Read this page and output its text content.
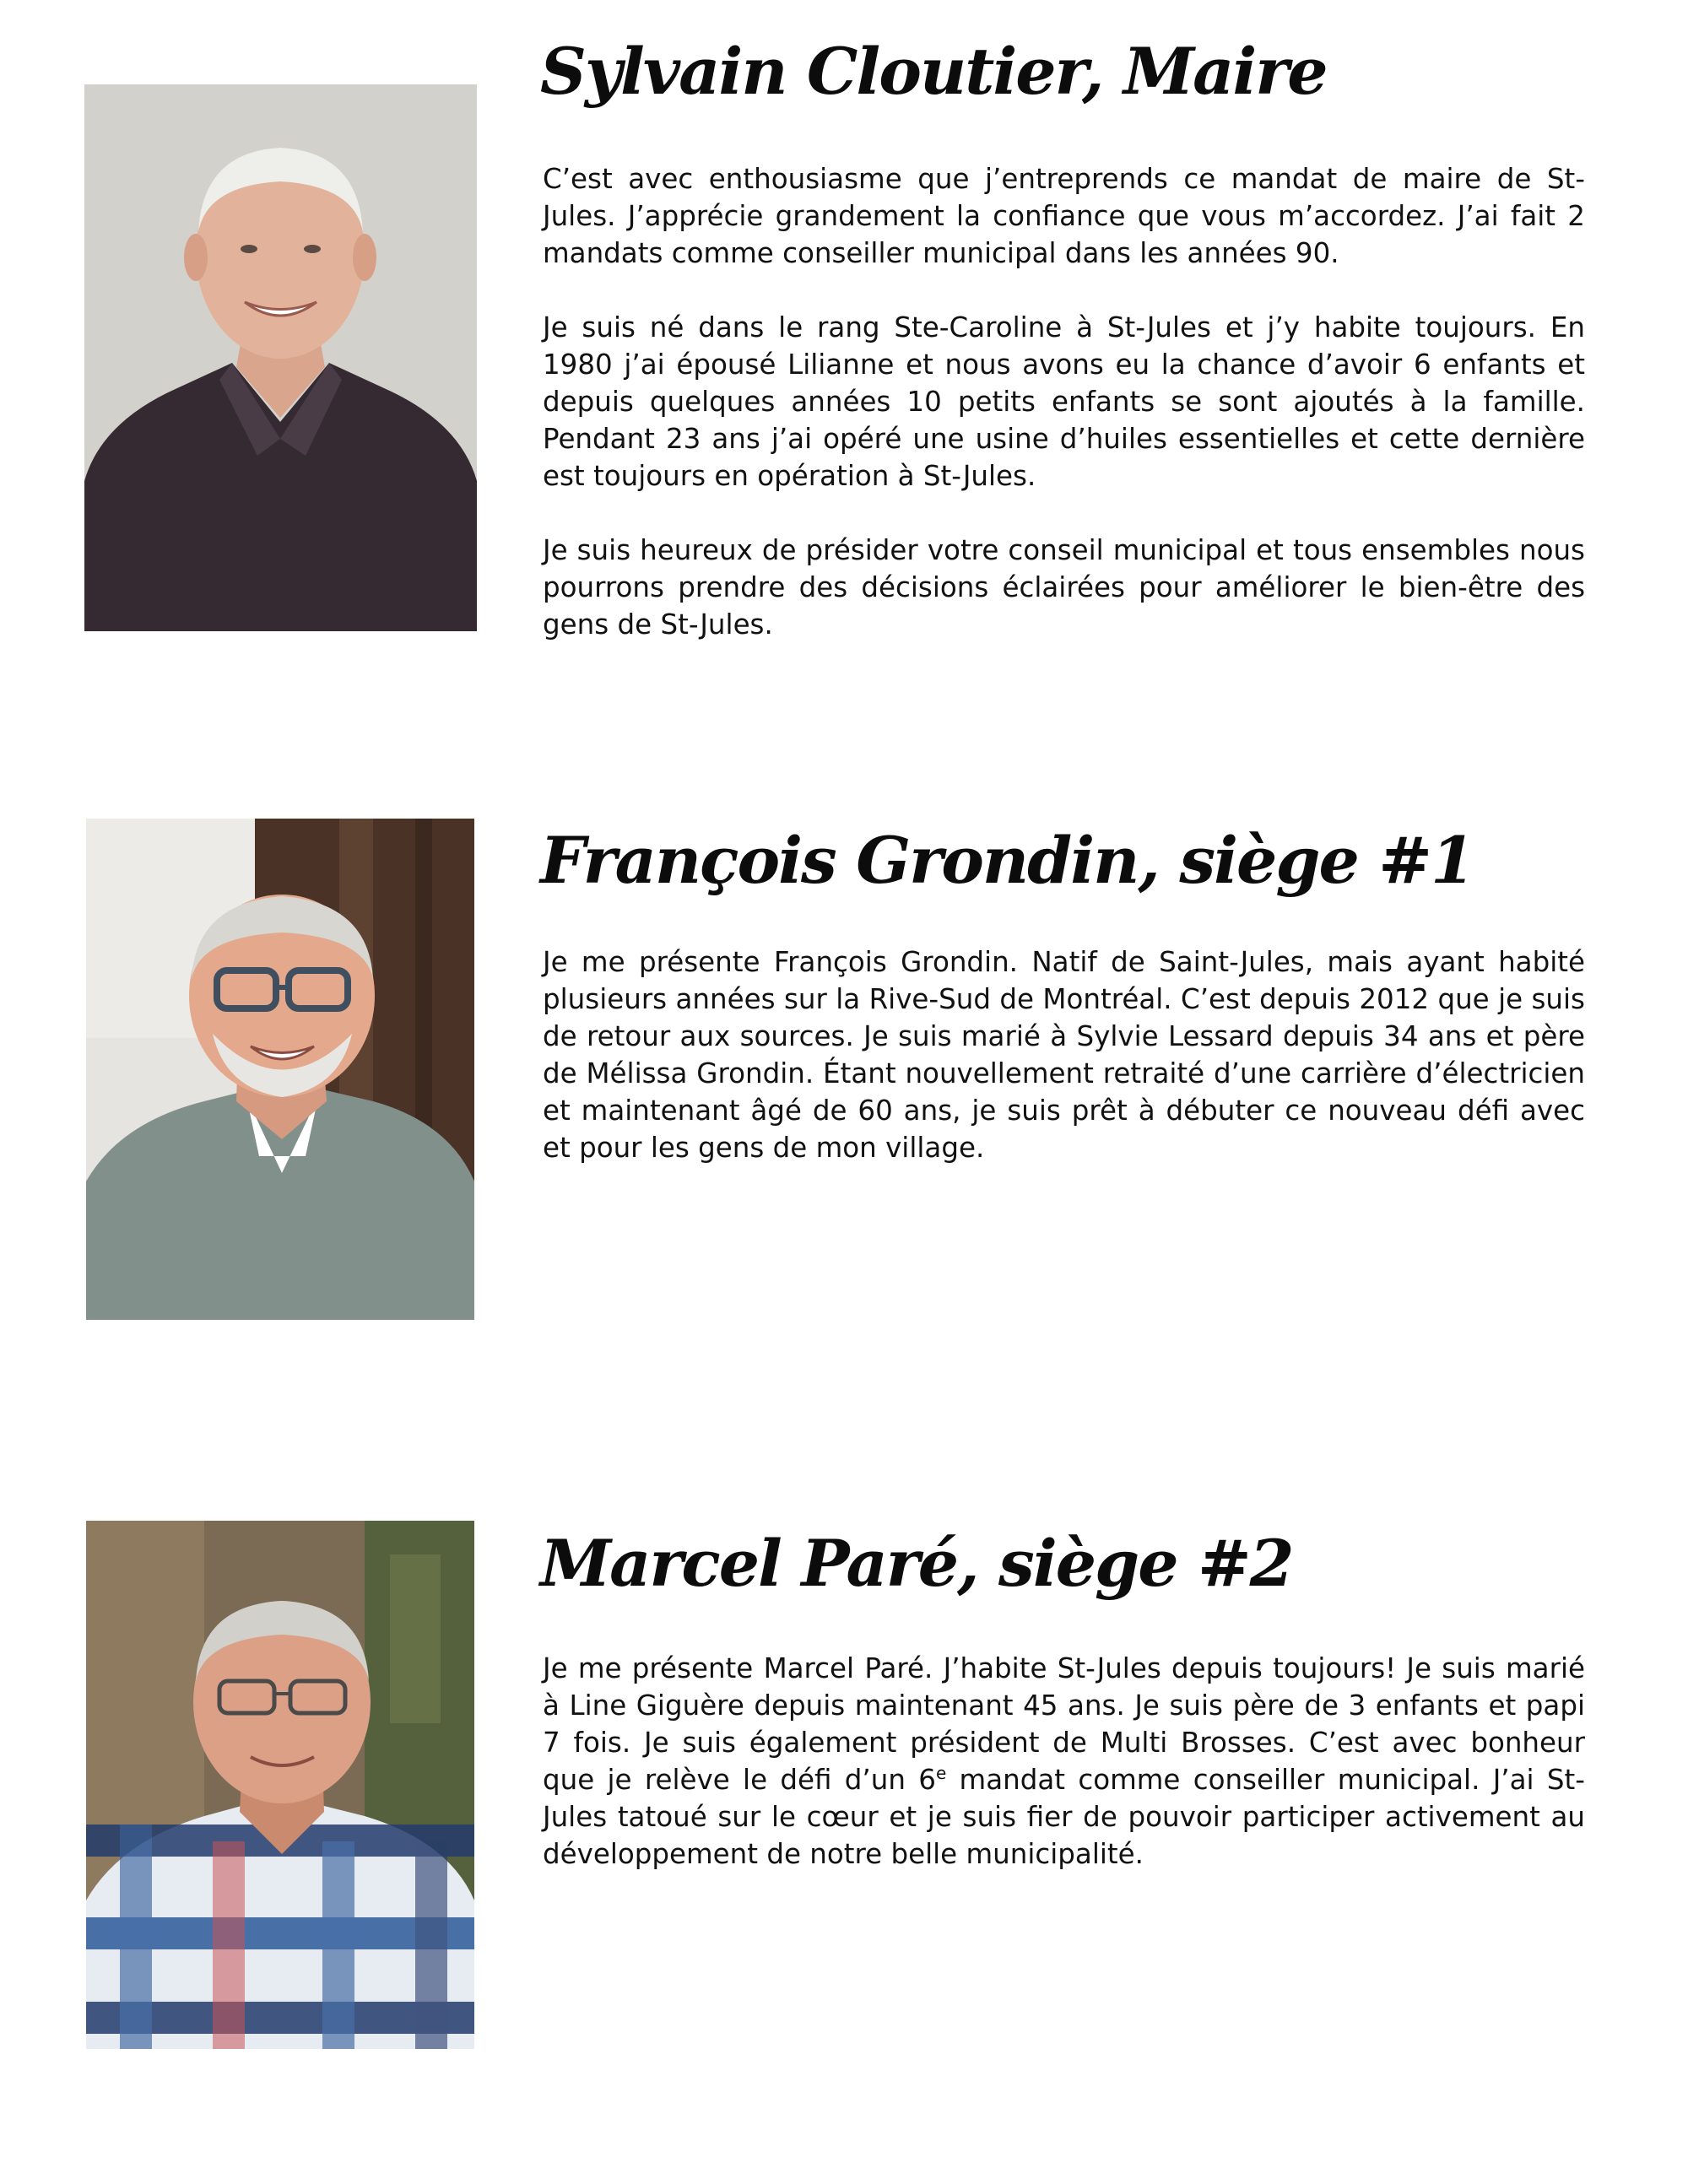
Sylvain Cloutier, Maire

C’est avec enthousiasme que j’entreprends ce mandat de maire de St-Jules. J’apprécie grandement la confiance que vous m’accordez. J’ai fait 2 mandats comme conseiller municipal dans les années 90.

Je suis né dans le rang Ste-Caroline à St-Jules et j’y habite toujours. En 1980 j’ai épousé Lilianne et nous avons eu la chance d’avoir 6 enfants et depuis quelques années 10 petits enfants se sont ajoutés à la famille. Pendant 23 ans j’ai opéré une usine d’huiles essentielles et cette dernière est toujours en opération à St-Jules.

Je suis heureux de présider votre conseil municipal et tous ensembles nous pourrons prendre des décisions éclairées pour améliorer le bien-être des gens de St-Jules.

François Grondin, siège #1

Je me présente François Grondin. Natif de Saint-Jules, mais ayant habité plusieurs années sur la Rive-Sud de Montréal. C’est depuis 2012 que je suis de retour aux sources. Je suis marié à Sylvie Lessard depuis 34 ans et père de Mélissa Grondin. Étant nouvellement retraité d’une carrière d’électricien et maintenant âgé de 60 ans, je suis prêt à débuter ce nouveau défi avec et pour les gens de mon village.

Marcel Paré, siège #2

Je me présente Marcel Paré. J’habite St-Jules depuis toujours! Je suis marié à Line Giguère depuis maintenant 45 ans. Je suis père de 3 enfants et papi 7 fois. Je suis également président de Multi Brosses. C’est avec bonheur que je relève le défi d’un 6e mandat comme conseiller municipal. J’ai St-Jules tatoué sur le cœur et je suis fier de pouvoir participer activement au développement de notre belle municipalité.
